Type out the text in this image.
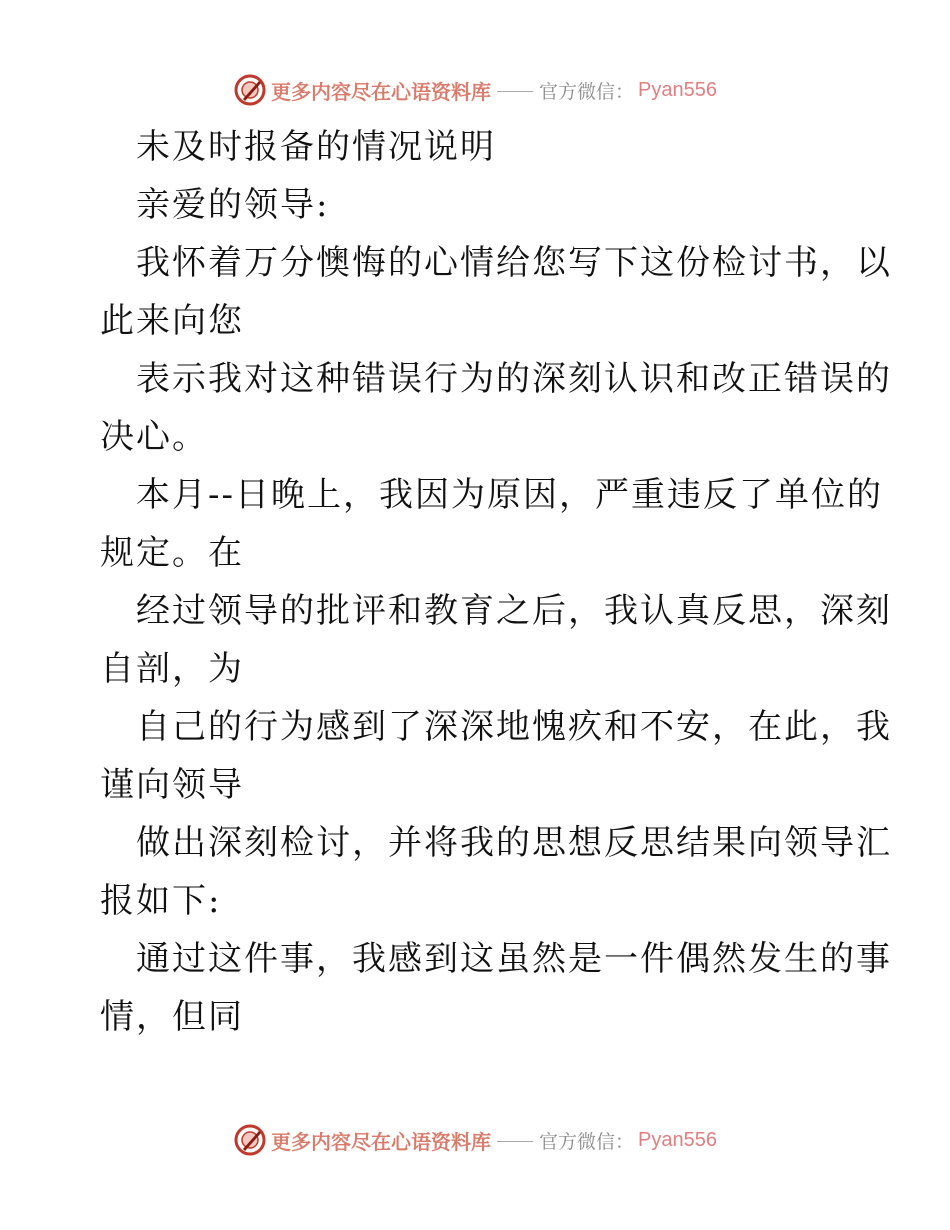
更多内容尽在心语资料库	官方微信： Pyan556
未及时报备的情况说明
亲爱的领导:
我怀着万分懊悔的心情给您写下这份检讨书，以
此来向您
表示我对这种错误行为的深刻认识和改正错误的
决心。
本月--日晚上，我因为原因，严重违反了单位的
规定。在
经过领导的批评和教育之后，我认真反思，深刻
自剖，为
自己的行为感到了深深地愧疚和不安，在此，我
谨向领导
做出深刻检讨，并将我的思想反思结果向领导汇
报如下:
通过这件事，我感到这虽然是一件偶然发生的事
情，但同
更多内容尽在心语资料库	官方微信： Pyan556
